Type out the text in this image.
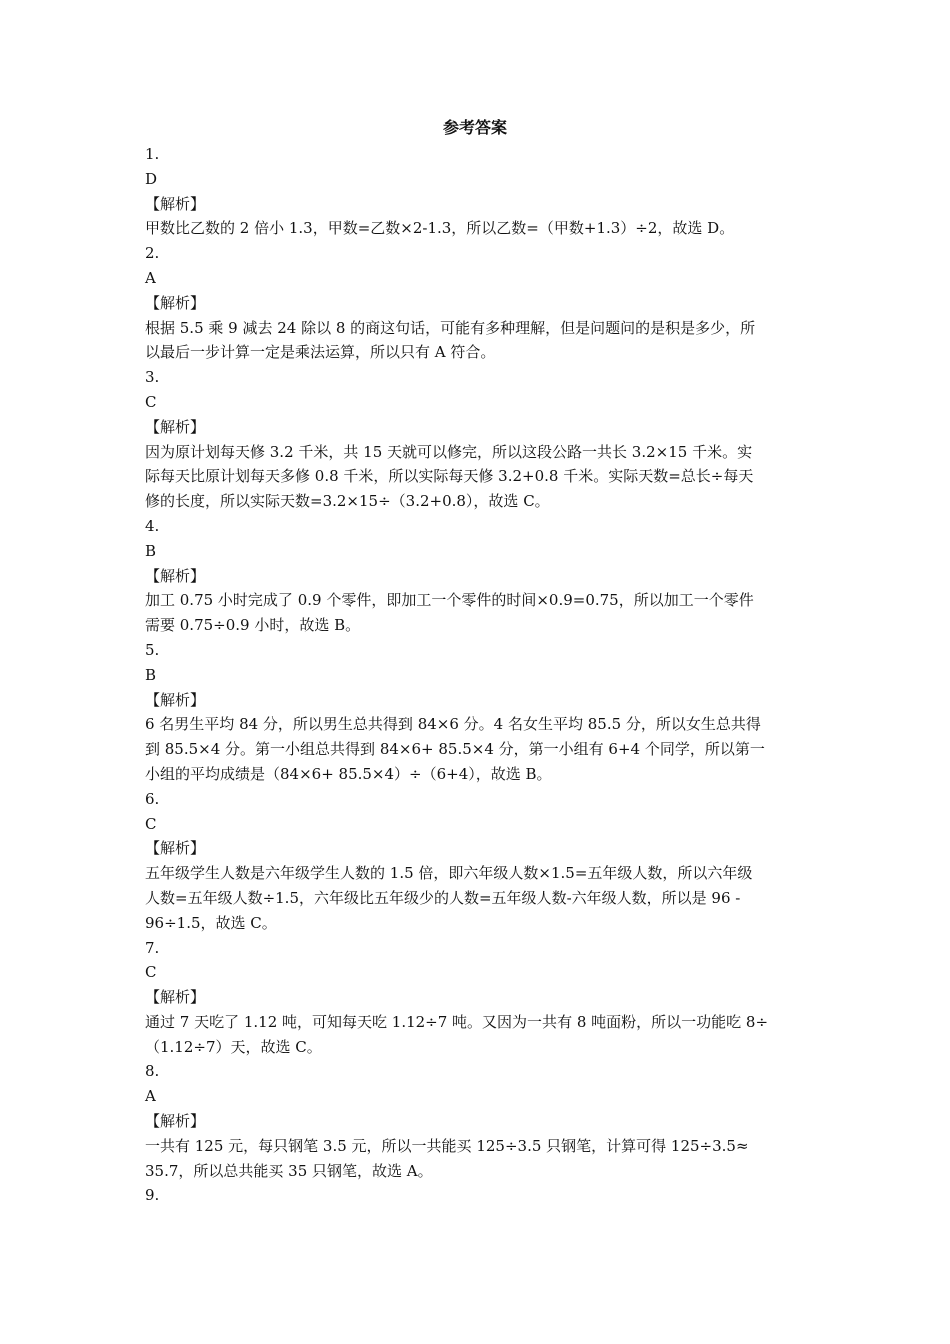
参考答案
1.
D
【解析】
甲数比乙数的 2 倍小 1.3，甲数=乙数×2-1.3，所以乙数=（甲数+1.3）÷2，故选 D。
2.
A
【解析】
根据 5.5 乘 9 减去 24 除以 8 的商这句话，可能有多种理解，但是问题问的是积是多少，所
以最后一步计算一定是乘法运算，所以只有 A 符合。
3.
C
【解析】
因为原计划每天修 3.2 千米，共 15 天就可以修完，所以这段公路一共长 3.2×15 千米。实
际每天比原计划每天多修 0.8 千米，所以实际每天修 3.2+0.8 千米。实际天数=总长÷每天
修的长度，所以实际天数=3.2×15÷（3.2+0.8），故选 C。
4.
B
【解析】
加工 0.75 小时完成了 0.9 个零件，即加工一个零件的时间×0.9=0.75，所以加工一个零件
需要 0.75÷0.9 小时，故选 B。
5.
B
【解析】
6 名男生平均 84 分，所以男生总共得到 84×6 分。4 名女生平均 85.5 分，所以女生总共得
到 85.5×4 分。第一小组总共得到 84×6+ 85.5×4 分，第一小组有 6+4 个同学，所以第一
小组的平均成绩是（84×6+ 85.5×4）÷（6+4），故选 B。
6.
C
【解析】
五年级学生人数是六年级学生人数的 1.5 倍，即六年级人数×1.5=五年级人数，所以六年级
人数=五年级人数÷1.5，六年级比五年级少的人数=五年级人数-六年级人数，所以是 96 -
96÷1.5，故选 C。
7.
C
【解析】
通过 7 天吃了 1.12 吨，可知每天吃 1.12÷7 吨。又因为一共有 8 吨面粉，所以一功能吃 8÷
（1.12÷7）天，故选 C。
8.
A
【解析】
一共有 125 元，每只钢笔 3.5 元，所以一共能买 125÷3.5 只钢笔，计算可得 125÷3.5≈
35.7，所以总共能买 35 只钢笔，故选 A。
9.
